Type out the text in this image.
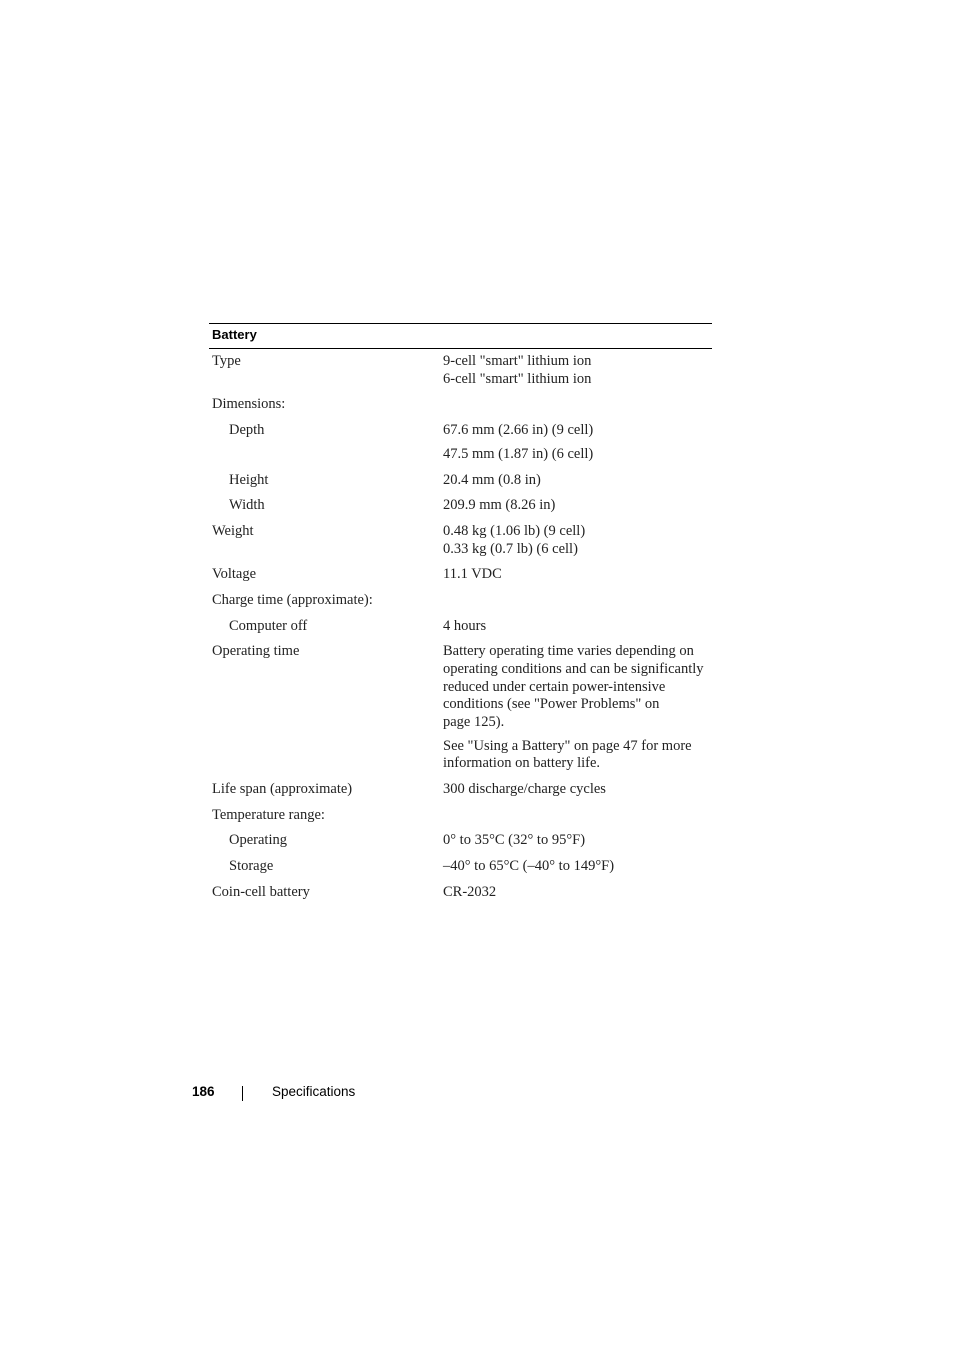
Battery
Type	9-cell "smart" lithium ion
6-cell "smart" lithium ion
Dimensions:
Depth	67.6 mm (2.66 in) (9 cell)
47.5 mm (1.87 in) (6 cell)
Height	20.4 mm (0.8 in)
Width	209.9 mm (8.26 in)
Weight	0.48 kg (1.06 lb) (9 cell)
0.33 kg (0.7 lb) (6 cell)
Voltage	11.1 VDC
Charge time (approximate):
Computer off	4 hours
Operating time	Battery operating time varies depending on
operating conditions and can be significantly
reduced under certain power-intensive
conditions (see "Power Problems" on
page 125).
See "Using a Battery" on page 47 for more
information on battery life.
Life span (approximate)	300 discharge/charge cycles
Temperature range:
Operating	0° to 35°C (32° to 95°F)
Storage	–40° to 65°C (–40° to 149°F)
Coin-cell battery	CR-2032
186	Specifications
